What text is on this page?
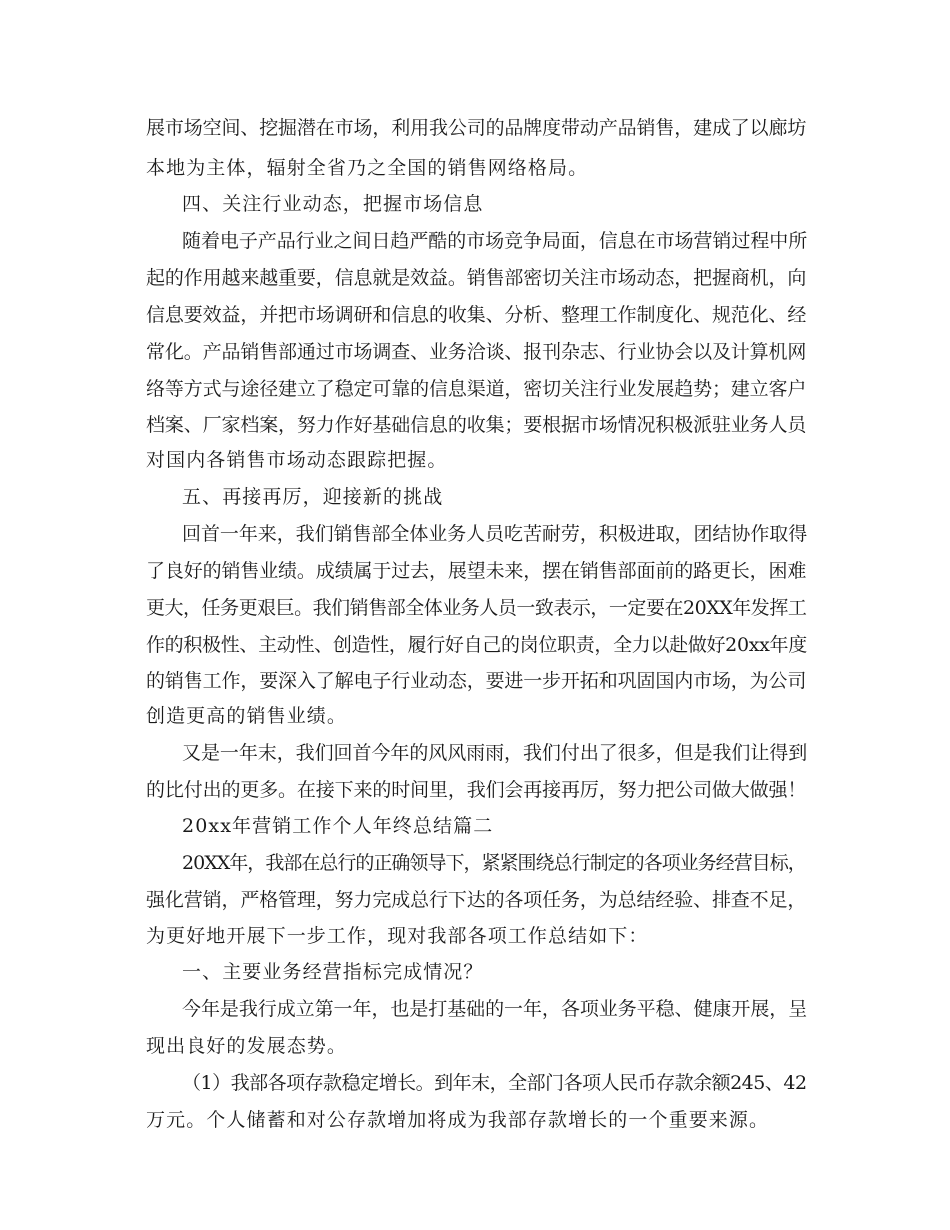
展市场空间、挖掘潜在市场，利用我公司的品牌度带动产品销售，建成了以廊坊
本地为主体，辐射全省乃之全国的销售网络格局。
四、关注行业动态，把握市场信息
随着电子产品行业之间日趋严酷的市场竞争局面，信息在市场营销过程中所
起的作用越来越重要，信息就是效益。销售部密切关注市场动态，把握商机，向
信息要效益，并把市场调研和信息的收集、分析、整理工作制度化、规范化、经
常化。产品销售部通过市场调查、业务洽谈、报刊杂志、行业协会以及计算机网
络等方式与途径建立了稳定可靠的信息渠道，密切关注行业发展趋势；建立客户
档案、厂家档案，努力作好基础信息的收集；要根据市场情况积极派驻业务人员
对国内各销售市场动态跟踪把握。
五、再接再厉，迎接新的挑战
回首一年来，我们销售部全体业务人员吃苦耐劳，积极进取，团结协作取得
了良好的销售业绩。成绩属于过去，展望未来，摆在销售部面前的路更长，困难
更大，任务更艰巨。我们销售部全体业务人员一致表示，一定要在20XX年发挥工
作的积极性、主动性、创造性，履行好自己的岗位职责，全力以赴做好20xx年度
的销售工作，要深入了解电子行业动态，要进一步开拓和巩固国内市场，为公司
创造更高的销售业绩。
又是一年末，我们回首今年的风风雨雨，我们付出了很多，但是我们让得到
的比付出的更多。在接下来的时间里，我们会再接再厉，努力把公司做大做强！
20xx年营销工作个人年终总结篇二
20XX年，我部在总行的正确领导下，紧紧围绕总行制定的各项业务经营目标，
强化营销，严格管理，努力完成总行下达的各项任务，为总结经验、排查不足，
为更好地开展下一步工作，现对我部各项工作总结如下：
一、主要业务经营指标完成情况？
今年是我行成立第一年，也是打基础的一年，各项业务平稳、健康开展，呈
现出良好的发展态势。
（1）我部各项存款稳定增长。到年末，全部门各项人民币存款余额245、42
万元。个人储蓄和对公存款增加将成为我部存款增长的一个重要来源。
